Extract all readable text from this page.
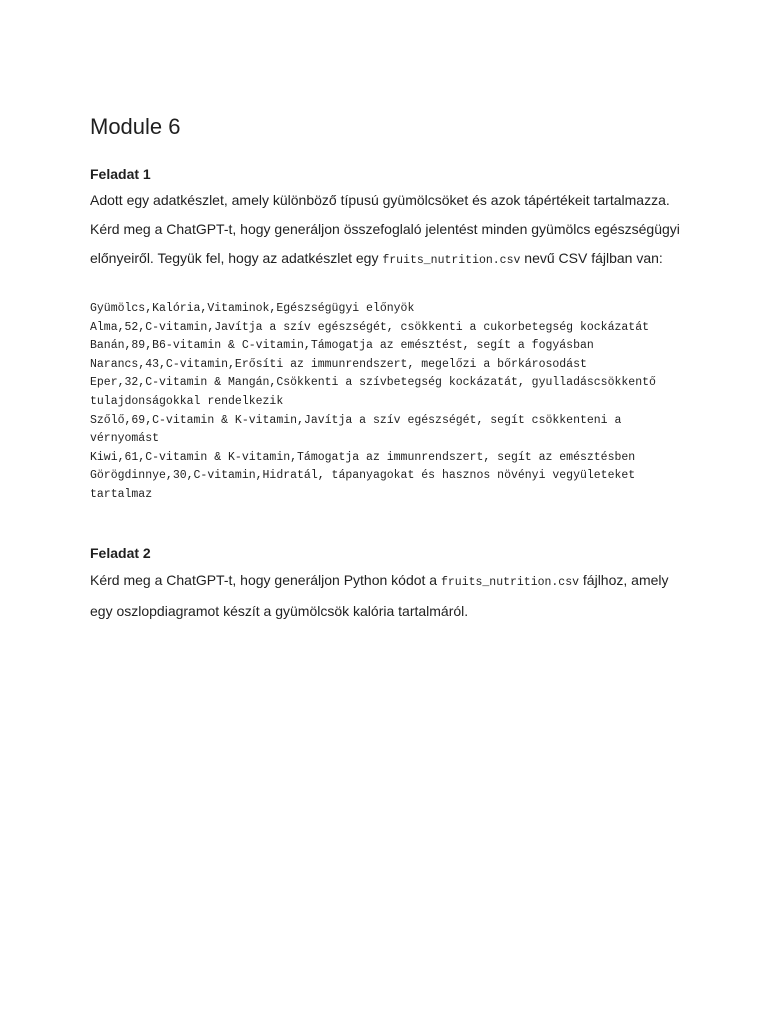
Module 6
Feladat 1

Adott egy adatkészlet, amely különböző típusú gyümölcsöket és azok tápértékeit tartalmazza.
Kérd meg a ChatGPT-t, hogy generáljon összefoglaló jelentést minden gyümölcs egészségügyi
előnyeiről. Tegyük fel, hogy az adatkészlet egy fruits_nutrition.csv nevű CSV fájlban van:

Gyümölcs,Kalória,Vitaminok,Egészségügyi előnyök
Alma,52,C-vitamin,Javítja a szív egészségét, csökkenti a cukorbetegség kockázatát
Banán,89,B6-vitamin & C-vitamin,Támogatja az emésztést, segít a fogyásban
Narancs,43,C-vitamin,Erősíti az immunrendszert, megelőzi a bőrkárosodást
Eper,32,C-vitamin & Mangán,Csökkenti a szívbetegség kockázatát, gyulladáscsökkentő
tulajdonságokkal rendelkezik
Szőlő,69,C-vitamin & K-vitamin,Javítja a szív egészségét, segít csökkenteni a
vérnyomást
Kiwi,61,C-vitamin & K-vitamin,Támogatja az immunrendszert, segít az emésztésben
Görögdinnye,30,C-vitamin,Hidratál, tápanyagokat és hasznos növényi vegyületeket
tartalmaz
Feladat 2

Kérd meg a ChatGPT-t, hogy generáljon Python kódot a fruits_nutrition.csv fájlhoz, amely
egy oszlopdiagramot készít a gyümölcsök kalória tartalmáról.
